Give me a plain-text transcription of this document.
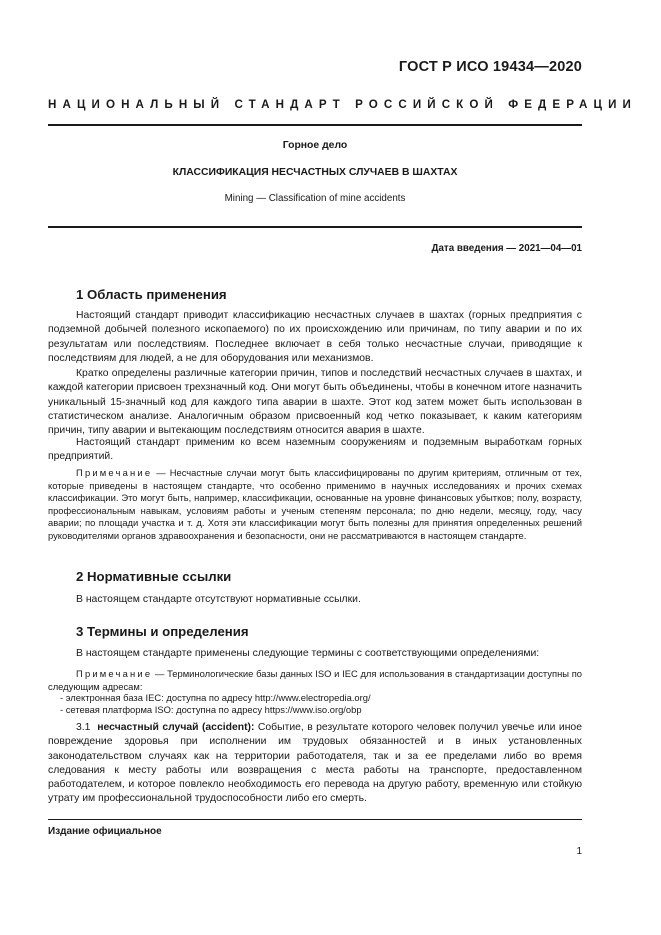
ГОСТ Р ИСО 19434—2020
НАЦИОНАЛЬНЫЙ СТАНДАРТ РОССИЙСКОЙ ФЕДЕРАЦИИ
Горное дело
КЛАССИФИКАЦИЯ НЕСЧАСТНЫХ СЛУЧАЕВ В ШАХТАХ
Mining — Classification of mine accidents
Дата введения — 2021—04—01
1 Область применения

Настоящий стандарт приводит классификацию несчастных случаев в шахтах (горных предприятия с подземной добычей полезного ископаемого) по их происхождению или причинам, по типу аварии и по их результатам или последствиям. Последнее включает в себя только несчастные случаи, приводящие к последствиям для людей, а не для оборудования или механизмов.

Кратко определены различные категории причин, типов и последствий несчастных случаев в шахтах, и каждой категории присвоен трехзначный код. Они могут быть объединены, чтобы в конечном итоге назначить уникальный 15-значный код для каждого типа аварии в шахте. Этот код затем может быть использован в статистическом анализе. Аналогичным образом присвоенный код четко показывает, к каким категориям причин, типу аварии и вытекающим последствиям относится авария в шахте.

Настоящий стандарт применим ко всем наземным сооружениям и подземным выработкам горных предприятий.

Примечание — Несчастные случаи могут быть классифицированы по другим критериям, отличным от тех, которые приведены в настоящем стандарте, что особенно применимо в научных исследованиях и прочих схемах классификации. Это могут быть, например, классификации, основанные на уровне финансовых убытков; полу, возрасту, профессиональным навыкам, условиям работы и ученым степеням персонала; по дню недели, месяцу, году, часу аварии; по площади участка и т. д. Хотя эти классификации могут быть полезны для принятия определенных решений руководителями органов здравоохранения и безопасности, они не рассматриваются в настоящем стандарте.

2 Нормативные ссылки

В настоящем стандарте отсутствуют нормативные ссылки.

3 Термины и определения

В настоящем стандарте применены следующие термины с соответствующими определениями:

Примечание — Терминологические базы данных ISO и IEC для использования в стандартизации доступны по следующим адресам:

- электронная база IEC: доступна по адресу http://www.electropedia.org/
- сетевая платформа ISO: доступна по адресу https://www.iso.org/obp

3.1 несчастный случай (accident): Событие, в результате которого человек получил увечье или иное повреждение здоровья при исполнении им трудовых обязанностей и в иных установленных законодательством случаях как на территории работодателя, так и за ее пределами либо во время следования к месту работы или возвращения с места работы на транспорте, предоставленном работодателем, и которое повлекло необходимость его перевода на другую работу, временную или стойкую утрату им профессиональной трудоспособности либо его смерть.

Издание официальное
1
